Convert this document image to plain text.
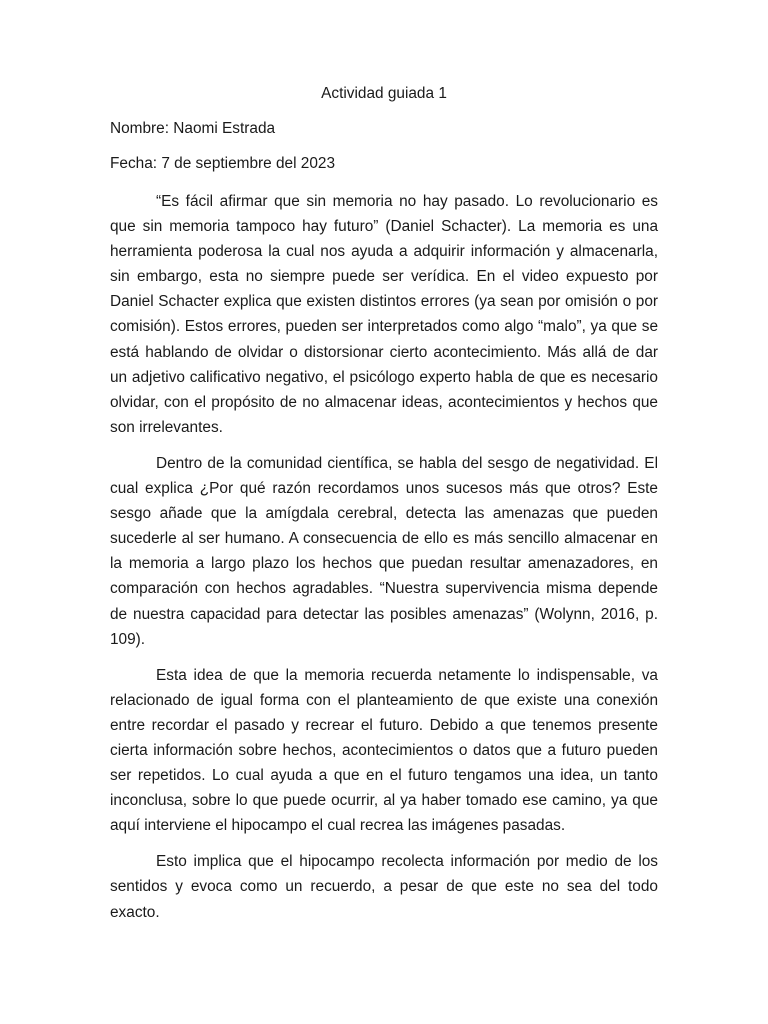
Actividad guiada 1

Nombre: Naomi Estrada

Fecha: 7 de septiembre del 2023

“Es fácil afirmar que sin memoria no hay pasado. Lo revolucionario es que sin memoria tampoco hay futuro” (Daniel Schacter). La memoria es una herramienta poderosa la cual nos ayuda a adquirir información y almacenarla, sin embargo, esta no siempre puede ser verídica. En el video expuesto por Daniel Schacter explica que existen distintos errores (ya sean por omisión o por comisión). Estos errores, pueden ser interpretados como algo “malo”, ya que se está hablando de olvidar o distorsionar cierto acontecimiento. Más allá de dar un adjetivo calificativo negativo, el psicólogo experto habla de que es necesario olvidar, con el propósito de no almacenar ideas, acontecimientos y hechos que son irrelevantes.

Dentro de la comunidad científica, se habla del sesgo de negatividad. El cual explica ¿Por qué razón recordamos unos sucesos más que otros? Este sesgo añade que la amígdala cerebral, detecta las amenazas que pueden sucederle al ser humano. A consecuencia de ello es más sencillo almacenar en la memoria a largo plazo los hechos que puedan resultar amenazadores, en comparación con hechos agradables. “Nuestra supervivencia misma depende de nuestra capacidad para detectar las posibles amenazas” (Wolynn, 2016, p. 109).

Esta idea de que la memoria recuerda netamente lo indispensable, va relacionado de igual forma con el planteamiento de que existe una conexión entre recordar el pasado y recrear el futuro. Debido a que tenemos presente cierta información sobre hechos, acontecimientos o datos que a futuro pueden ser repetidos. Lo cual ayuda a que en el futuro tengamos una idea, un tanto inconclusa, sobre lo que puede ocurrir, al ya haber tomado ese camino, ya que aquí interviene el hipocampo el cual recrea las imágenes pasadas.

Esto implica que el hipocampo recolecta información por medio de los sentidos y evoca como un recuerdo, a pesar de que este no sea del todo exacto.
